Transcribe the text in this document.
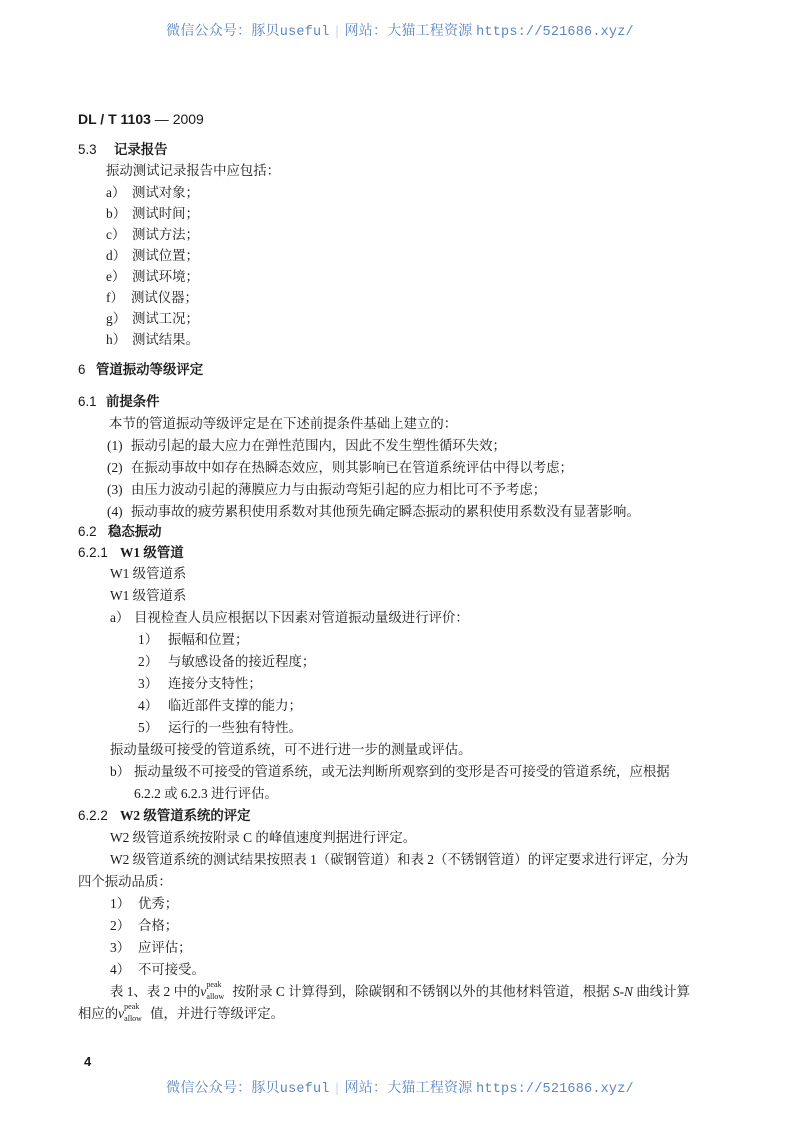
微信公众号：豚贝useful | 网站：大猫工程资源 https://521686.xyz/
DL / T 1103 — 2009
5.3 记录报告
振动测试记录报告中应包括：
a） 测试对象；
b） 测试时间；
c） 测试方法；
d） 测试位置；
e） 测试环境；
f） 测试仪器；
g） 测试工况；
h） 测试结果。
6 管道振动等级评定
6.1 前提条件
本节的管道振动等级评定是在下述前提条件基础上建立的：
(1) 振动引起的最大应力在弹性范围内，因此不发生塑性循环失效；
(2) 在振动事故中如存在热瞬态效应，则其影响已在管道系统评估中得以考虑；
(3) 由压力波动引起的薄膜应力与由振动弯矩引起的应力相比可不予考虑；
(4) 振动事故的疲劳累积使用系数对其他预先确定瞬态振动的累积使用系数没有显著影响。
6.2 稳态振动
6.2.1 W1 级管道
W1 级管道系
W1 级管道系
a） 目视检查人员应根据以下因素对管道振动量级进行评价：
1） 振幅和位置；
2） 与敏感设备的接近程度；
3） 连接分支特性；
4） 临近部件支撑的能力；
5） 运行的一些独有特性。
振动量级可接受的管道系统，可不进行进一步的测量或评估。
b） 振动量级不可接受的管道系统，或无法判断所观察到的变形是否可接受的管道系统，应根据
6.2.2 或 6.2.3 进行评估。
6.2.2 W2 级管道系统的评定
W2 级管道系统按附录 C 的峰值速度判据进行评定。
W2 级管道系统的测试结果按照表 1（碳钢管道）和表 2（不锈钢管道）的评定要求进行评定，分为
四个振动品质：
1） 优秀；
2） 合格；
3） 应评估；
4） 不可接受。
表 1、表 2 中的v peak
allow 按附录 C 计算得到，除碳钢和不锈钢以外的其他材料管道，根据 S-N 曲线计算
相应的v peak
allow 值，并进行等级评定。
4
微信公众号：豚贝useful | 网站：大猫工程资源 https://521686.xyz/
